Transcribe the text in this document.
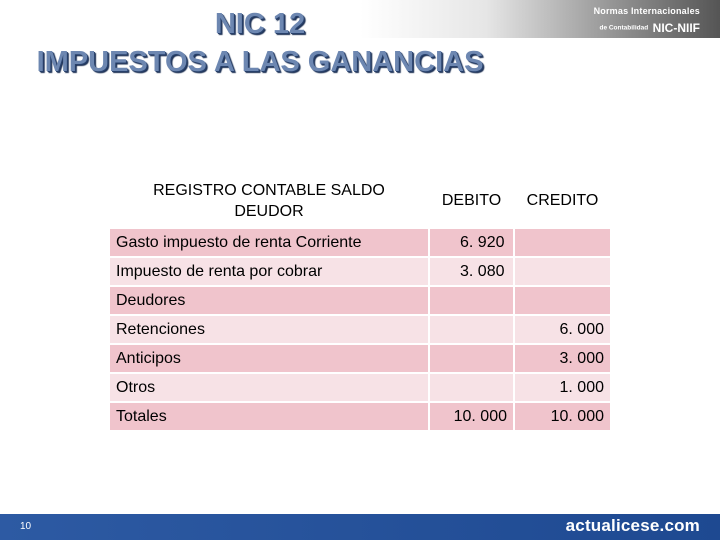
Normas Internacionales
de Contabilidad NIC-NIIF
NIC 12
IMPUESTOS A LAS GANANCIAS
REGISTRO CONTABLE SALDO
DEUDOR	DEBITO	CREDITO
Gasto impuesto de renta Corriente	6. 920	
Impuesto de renta por cobrar	3. 080	
Deudores		
Retenciones		6. 000
Anticipos		3. 000
Otros		1. 000
Totales	10. 000	10. 000
10	actualicese.com
